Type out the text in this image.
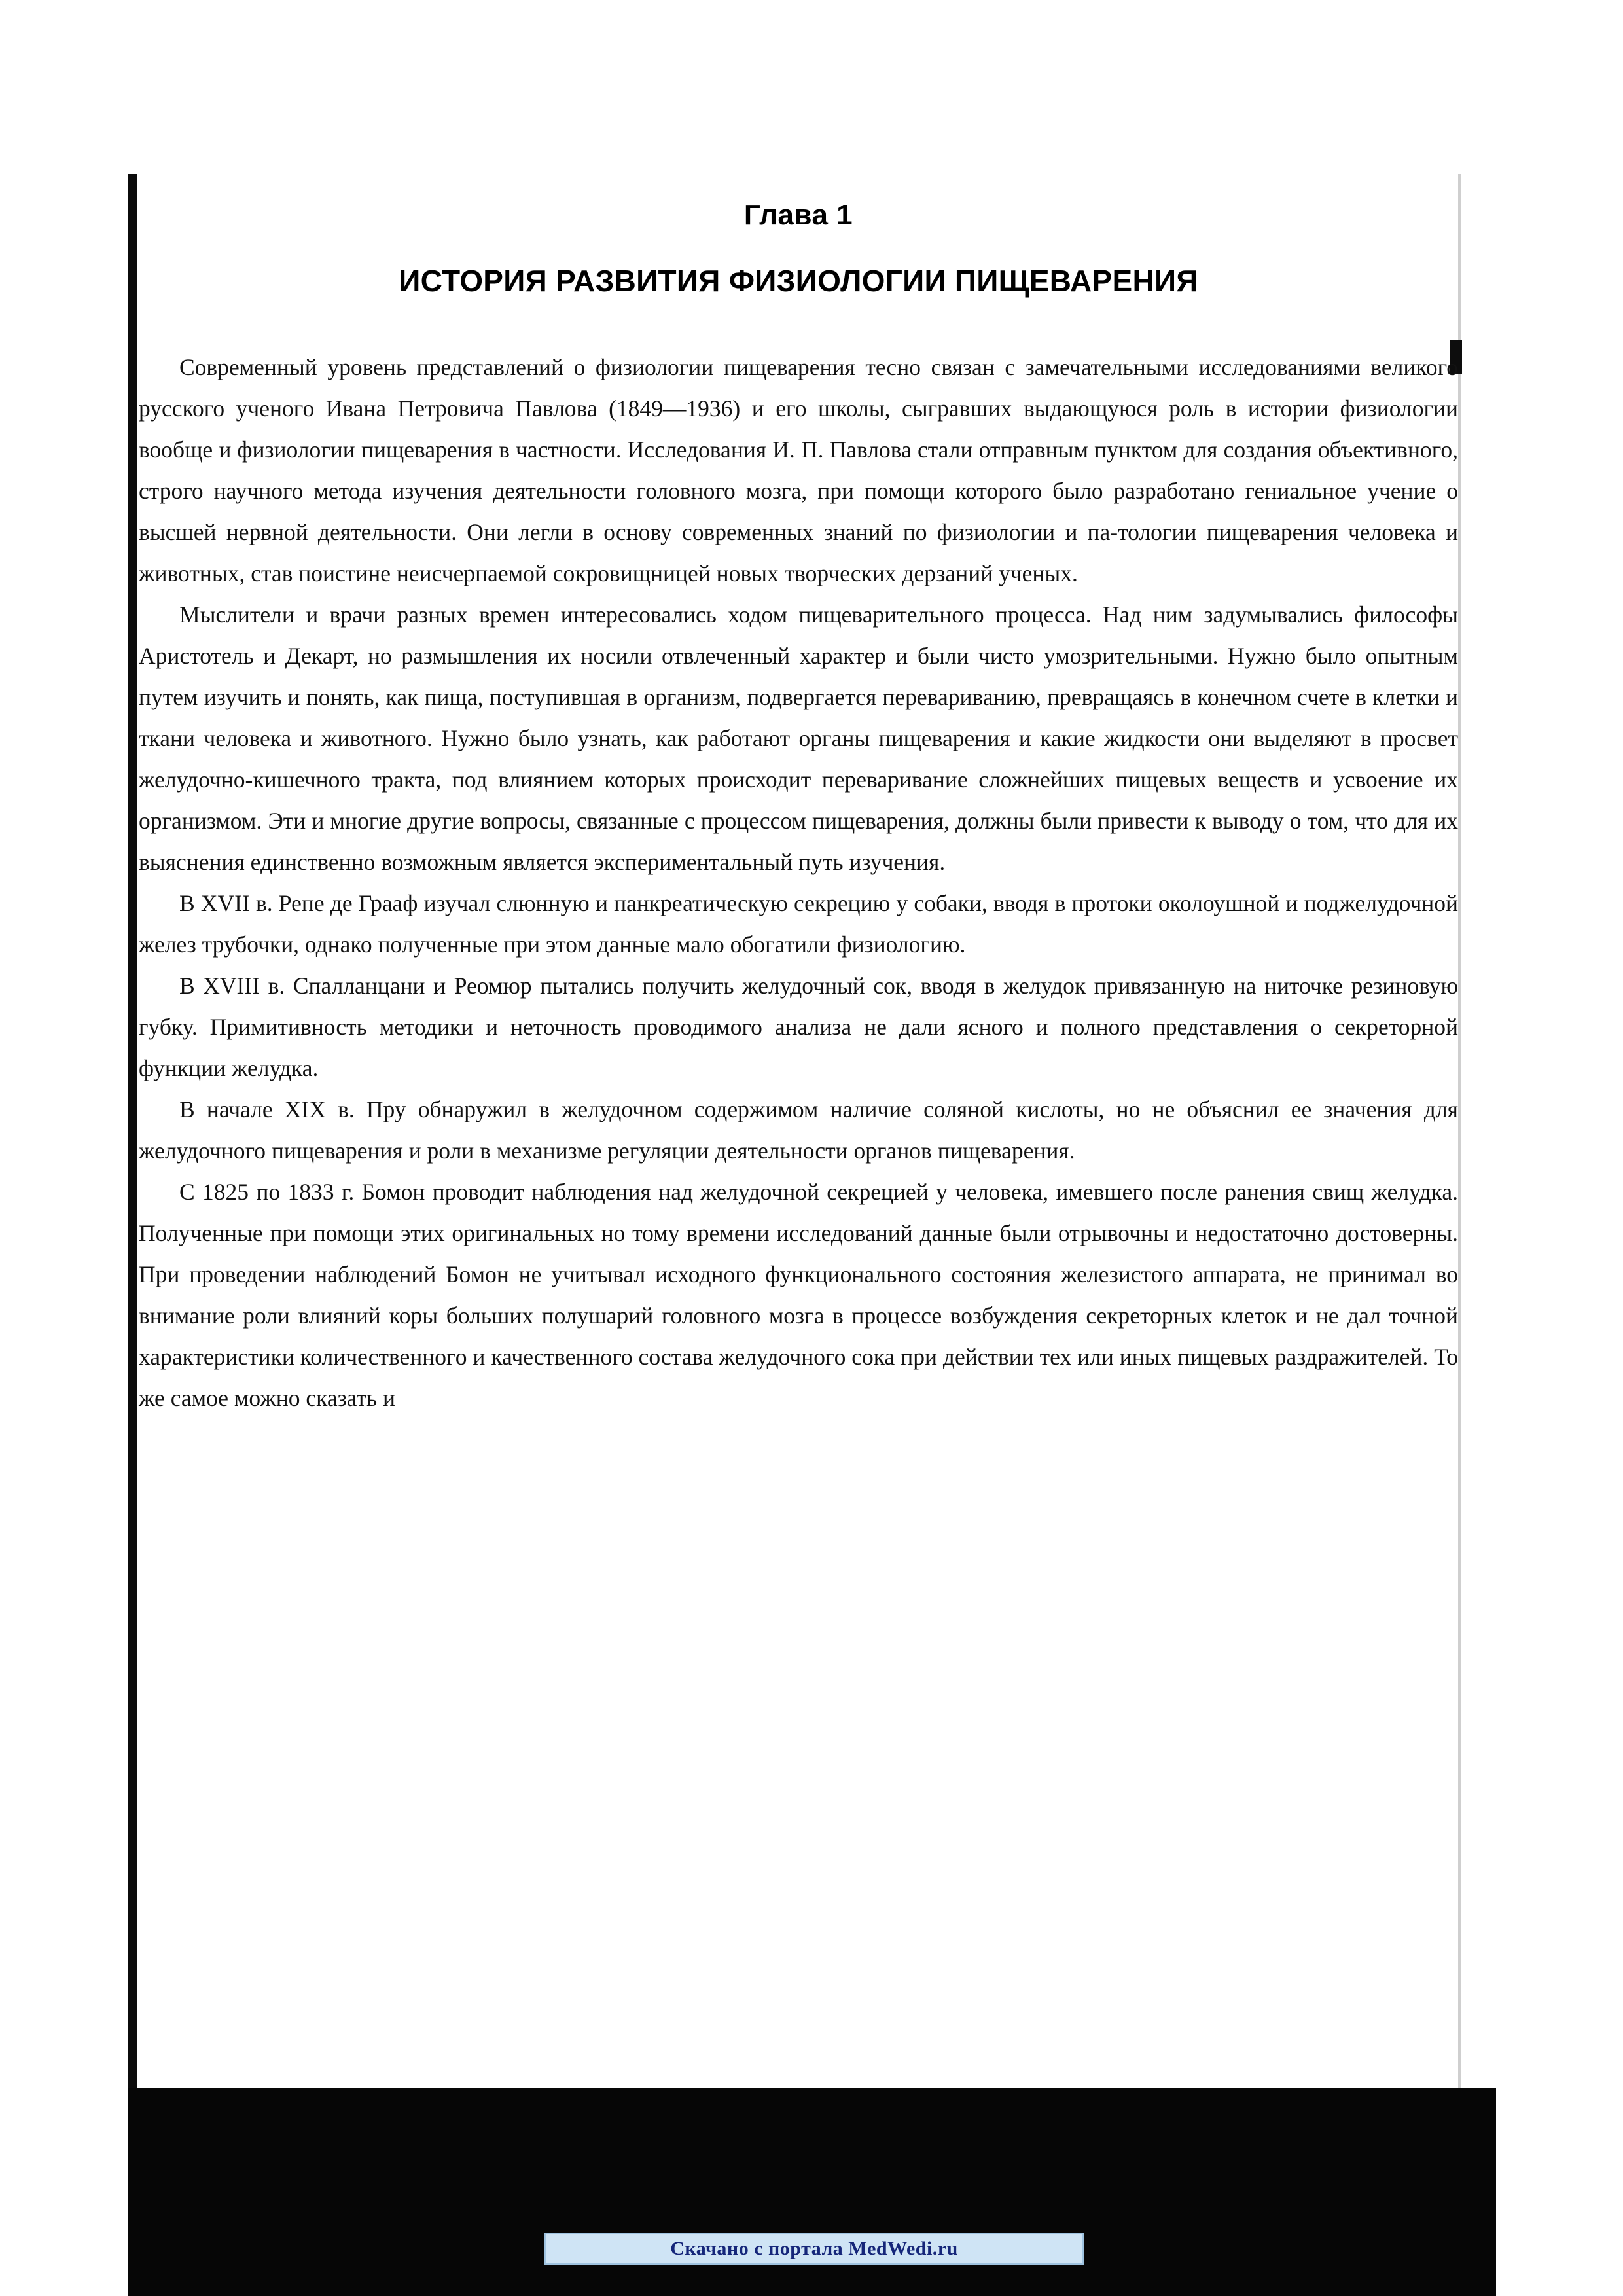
Глава 1
ИСТОРИЯ РАЗВИТИЯ ФИЗИОЛОГИИ ПИЩЕВАРЕНИЯ

Современный уровень представлений о физиологии пищеварения тесно связан с замечательными исследованиями великого русского ученого Ивана Петровича Павлова (1849—1936) и его школы, сыгравших выдающуюся роль в истории физиологии вообще и физиологии пищеварения в частности. Исследования И. П. Павлова стали отправным пунктом для создания объективного, строго научного метода изучения деятельности головного мозга, при помощи которого было разработано гениальное учение о высшей нервной деятельности. Они легли в основу современных знаний по физиологии и па-тологии пищеварения человека и животных, став поистине неисчерпаемой сокровищницей новых творческих дерзаний ученых.

Мыслители и врачи разных времен интересовались ходом пищеварительного процесса. Над ним задумывались философы Аристотель и Декарт, но размышления их носили отвлеченный характер и были чисто умозрительными. Нужно было опытным путем изучить и понять, как пища, поступившая в организм, подвергается перевариванию, превращаясь в конечном счете в клетки и ткани человека и животного. Нужно было узнать, как работают органы пищеварения и какие жидкости они выделяют в просвет желудочно-кишечного тракта, под влиянием которых происходит переваривание сложнейших пищевых веществ и усвоение их организмом. Эти и многие другие вопросы, связанные с процессом пищеварения, должны были привести к выводу о том, что для их выяснения единственно возможным является экспериментальный путь изучения.

В XVII в. Репе де Грааф изучал слюнную и панкреатическую секрецию у собаки, вводя в протоки околоушной и поджелудочной желез трубочки, однако полученные при этом данные мало обогатили физиологию.

В XVIII в. Спалланцани и Реомюр пытались получить желудочный сок, вводя в желудок привязанную на ниточке резиновую губку. Примитивность методики и неточность проводимого анализа не дали ясного и полного представления о секреторной функции желудка.

В начале XIX в. Пру обнаружил в желудочном содержимом наличие соляной кислоты, но не объяснил ее значения для желудочного пищеварения и роли в механизме регуляции деятельности органов пищеварения.

С 1825 по 1833 г. Бомон проводит наблюдения над желудочной секрецией у человека, имевшего после ранения свищ желудка. Полученные при помощи этих оригинальных но тому времени исследований данные были отрывочны и недостаточно достоверны. При проведении наблюдений Бомон не учитывал исходного функционального состояния железистого аппарата, не принимал во внимание роли влияний коры больших полушарий головного мозга в процессе возбуждения секреторных клеток и не дал точной характеристики количественного и качественного состава желудочного сока при действии тех или иных пищевых раздражителей. То же самое можно сказать и

Скачано с портала MedWedi.ru
